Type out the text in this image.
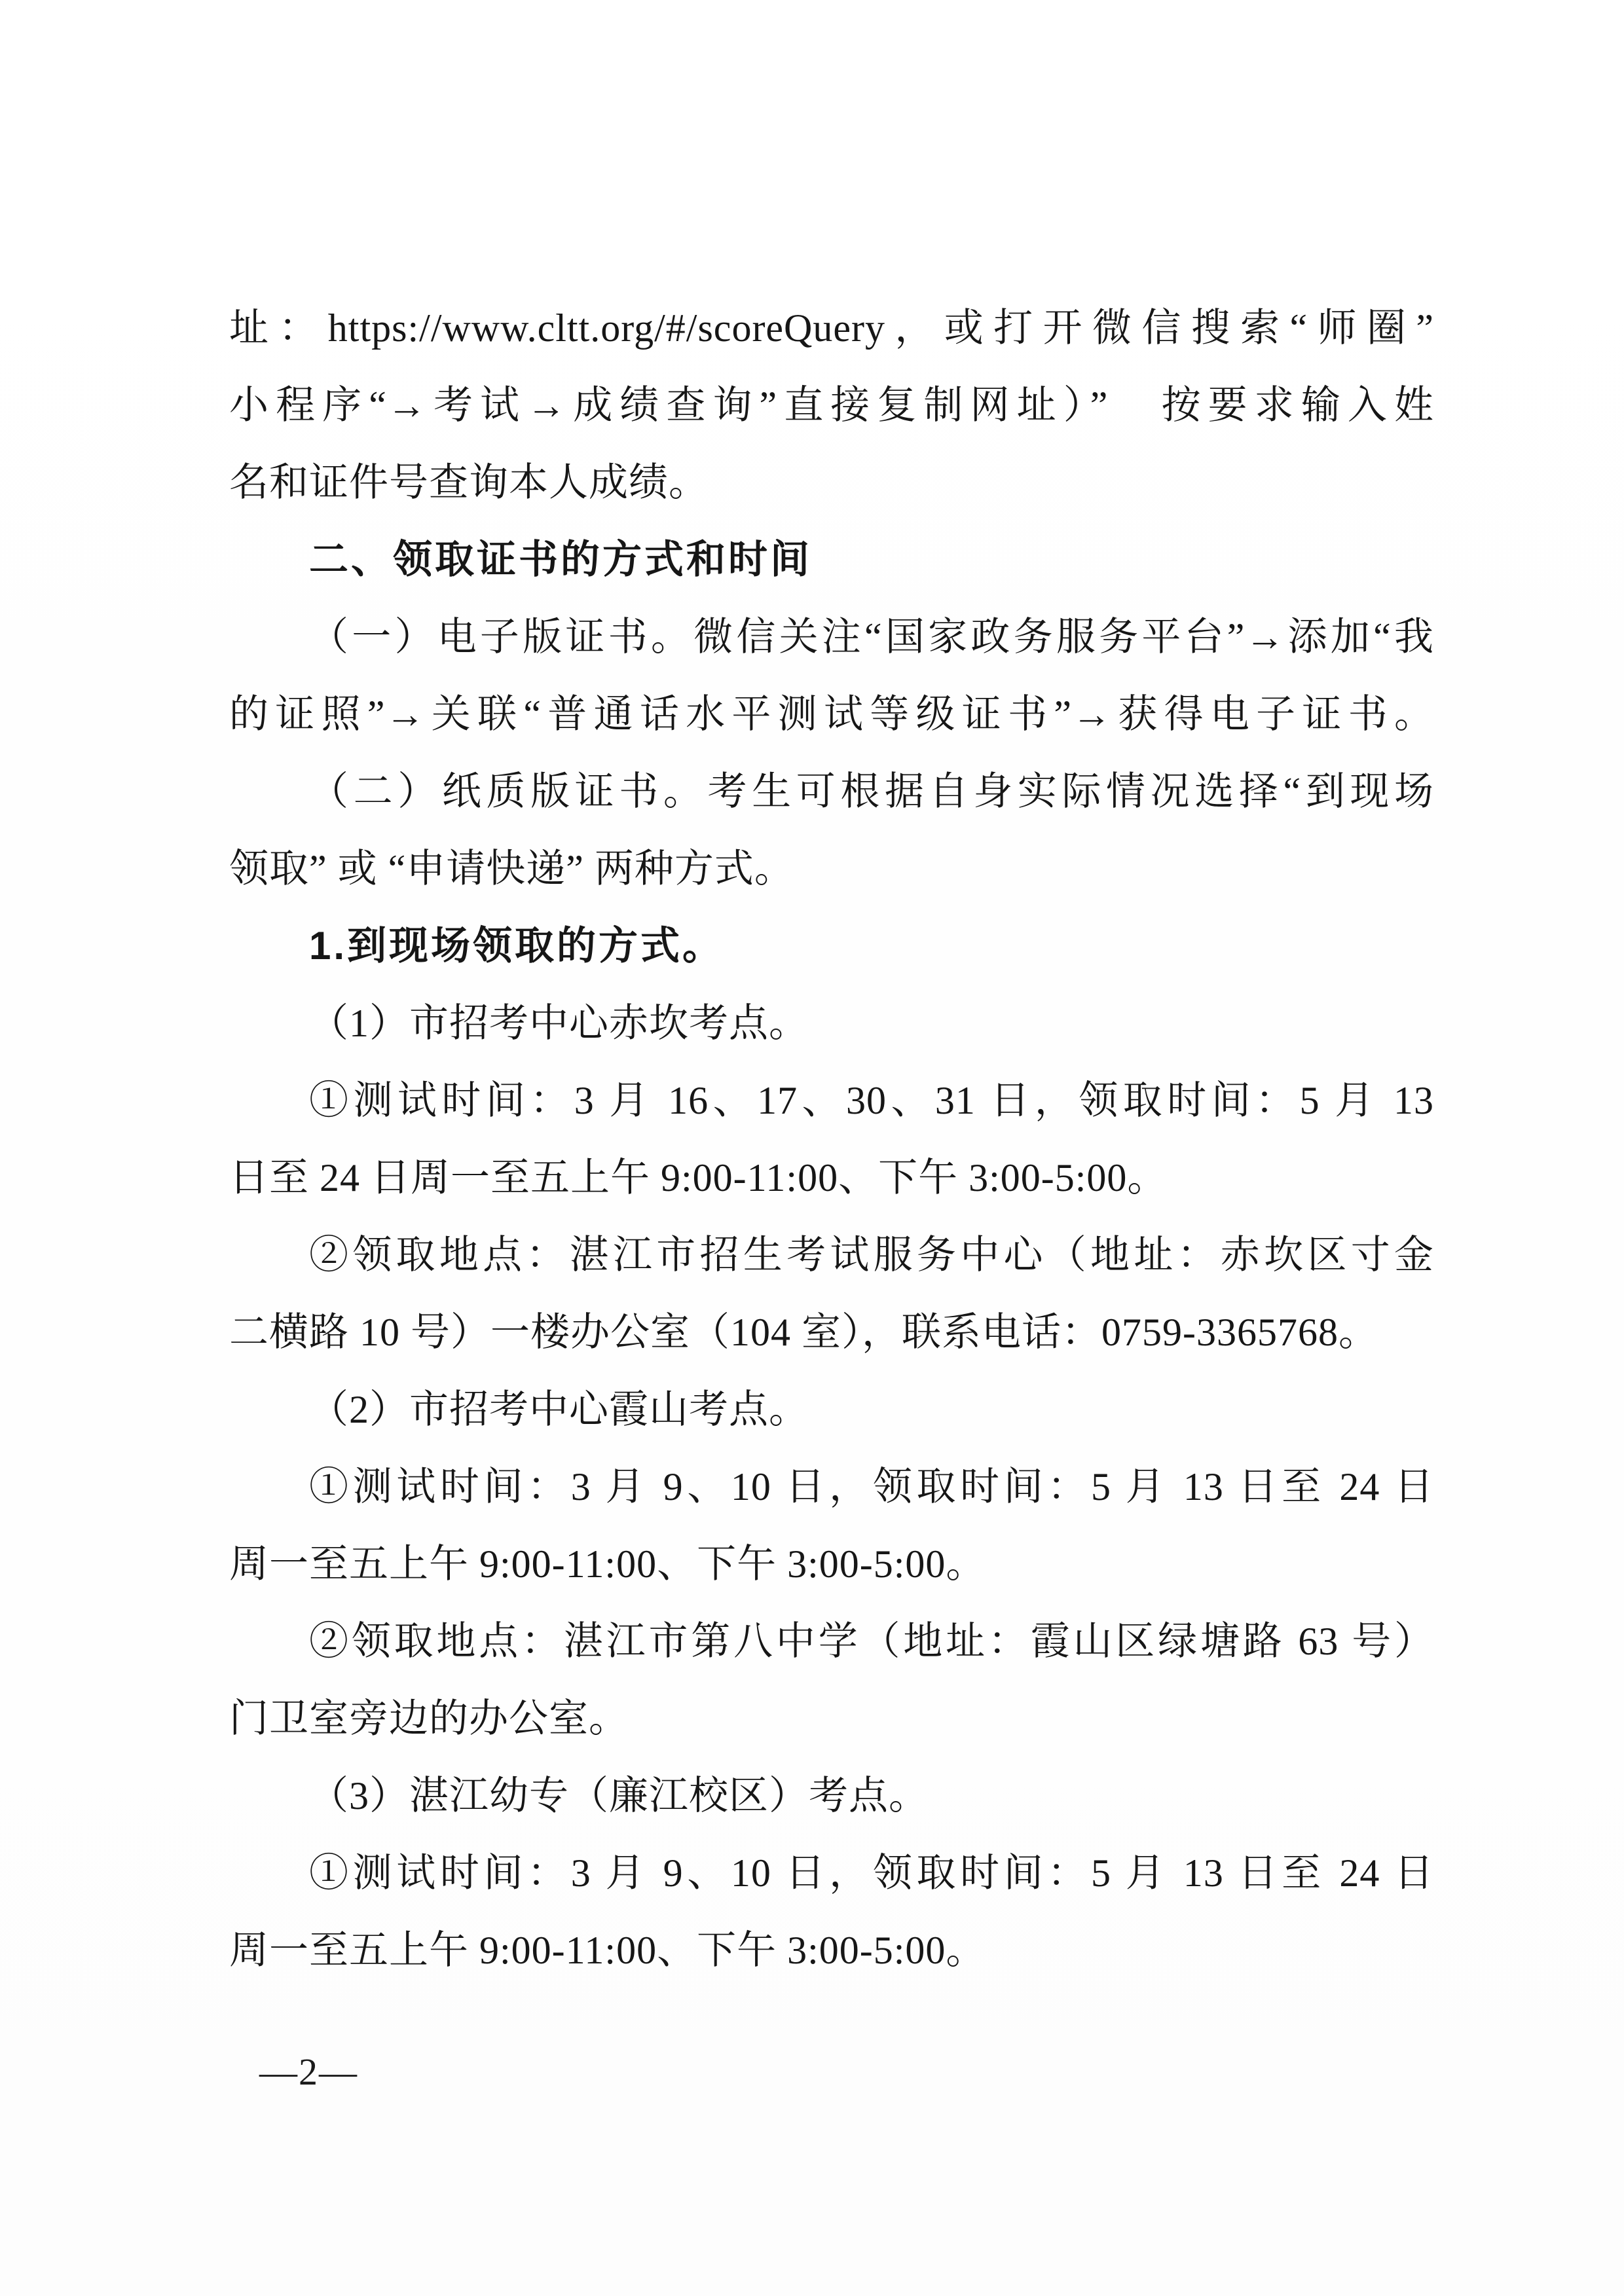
址：https://www.cltt.org/#/scoreQuery，或打开微信搜索“师圈”
小程序“→考试→成绩查询”直接复制网址）”　按要求输入姓
名和证件号查询本人成绩。
二、领取证书的方式和时间
（一）电子版证书。微信关注“国家政务服务平台”→添加“我
的证照”→关联“普通话水平测试等级证书”→获得电子证书。
（二）纸质版证书。考生可根据自身实际情况选择“到现场
领取” 或 “申请快递” 两种方式。
1.到现场领取的方式。
（1）市招考中心赤坎考点。
①测试时间：3 月 16、17、30、31 日，领取时间：5 月 13
日至 24 日周一至五上午 9:00-11:00、下午 3:00-5:00。
②领取地点：湛江市招生考试服务中心（地址：赤坎区寸金
二横路 10 号）一楼办公室（104 室），联系电话：0759-3365768。
（2）市招考中心霞山考点。
①测试时间：3 月 9、10 日，领取时间：5 月 13 日至 24 日
周一至五上午 9:00-11:00、下午 3:00-5:00。
②领取地点：湛江市第八中学（地址：霞山区绿塘路 63 号）
门卫室旁边的办公室。
（3）湛江幼专（廉江校区）考点。
①测试时间：3 月 9、10 日，领取时间：5 月 13 日至 24 日
周一至五上午 9:00-11:00、下午 3:00-5:00。
—2—
